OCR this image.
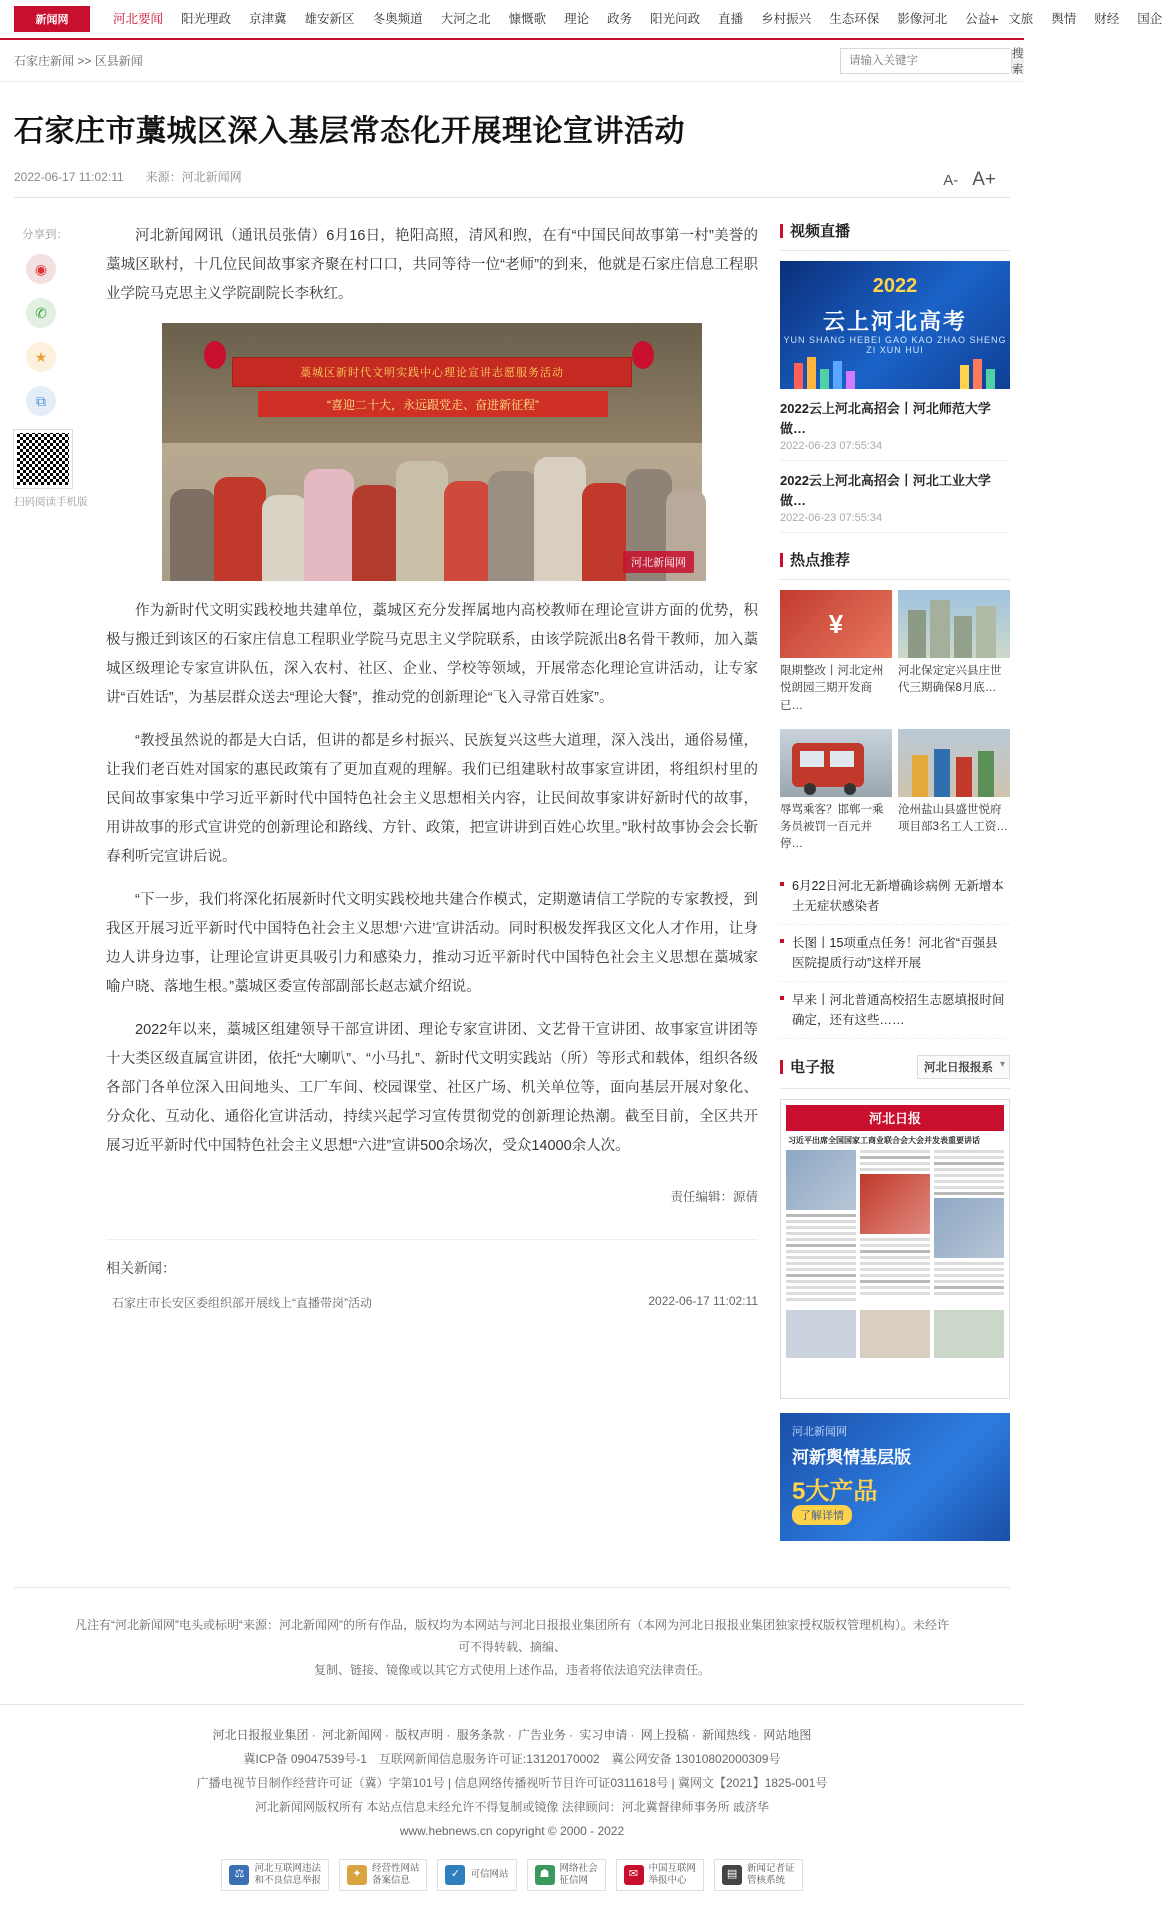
新闻网	河北要闻	阳光理政	京津冀	雄安新区	冬奥频道	大河之北	慷慨歌	理论	政务	阳光问政	直播	乡村振兴	生态环保	影像河北	公益	文旅	舆情	财经	国企
+
石家庄新闻 >> 区县新闻
请输入关键字	搜索
石家庄市藁城区深入基层常态化开展理论宣讲活动
2022-06-17 11:02:11 来源：河北新闻网	A- A+
分享到：
◉
✆
★
⧉
扫码阅读手机版

河北新闻网讯（通讯员张倩）6月16日，艳阳高照，清风和煦，在有“中国民间故事第一村”美誉的藁城区耿村，十几位民间故事家齐聚在村口口，共同等待一位“老师”的到来，他就是石家庄信息工程职业学院马克思主义学院副院长李秋红。

藁城区新时代文明实践中心理论宣讲志愿服务活动
“喜迎二十大，永远跟党走、奋进新征程”
河北新闻网

作为新时代文明实践校地共建单位，藁城区充分发挥属地内高校教师在理论宣讲方面的优势，积极与搬迁到该区的石家庄信息工程职业学院马克思主义学院联系，由该学院派出8名骨干教师，加入藁城区级理论专家宣讲队伍，深入农村、社区、企业、学校等领域，开展常态化理论宣讲活动，让专家讲“百姓话”，为基层群众送去“理论大餐”，推动党的创新理论“飞入寻常百姓家”。

“教授虽然说的都是大白话，但讲的都是乡村振兴、民族复兴这些大道理，深入浅出，通俗易懂，让我们老百姓对国家的惠民政策有了更加直观的理解。我们已组建耿村故事家宣讲团，将组织村里的民间故事家集中学习近平新时代中国特色社会主义思想相关内容，让民间故事家讲好新时代的故事，用讲故事的形式宣讲党的创新理论和路线、方针、政策，把宣讲讲到百姓心坎里。”耿村故事协会会长靳春利听完宣讲后说。

“下一步，我们将深化拓展新时代文明实践校地共建合作模式，定期邀请信工学院的专家教授，到我区开展习近平新时代中国特色社会主义思想‘六进’宣讲活动。同时积极发挥我区文化人才作用，让身边人讲身边事，让理论宣讲更具吸引力和感染力，推动习近平新时代中国特色社会主义思想在藁城家喻户晓、落地生根。”藁城区委宣传部副部长赵志斌介绍说。

2022年以来，藁城区组建领导干部宣讲团、理论专家宣讲团、文艺骨干宣讲团、故事家宣讲团等十大类区级直属宣讲团，依托“大喇叭”、“小马扎”、新时代文明实践站（所）等形式和载体，组织各级各部门各单位深入田间地头、工厂车间、校园课堂、社区广场、机关单位等，面向基层开展对象化、分众化、互动化、通俗化宣讲活动，持续兴起学习宣传贯彻党的创新理论热潮。截至目前，全区共开展习近平新时代中国特色社会主义思想“六进”宣讲500余场次，受众14000余人次。

责任编辑：源倩
相关新闻：
石家庄市长安区委组织部开展线上“直播带岗”活动	2022-06-17 11:02:11
视频直播
2022
云上河北高考
YUN SHANG HEBEI GAO KAO ZHAO SHENG ZI XUN HUI
2022云上河北高招会丨河北师范大学做…
2022-06-23 07:55:34
2022云上河北高招会丨河北工业大学做…
2022-06-23 07:55:34
热点推荐
¥
限期整改丨河北定州悦朗园三期开发商已…
河北保定定兴县庄世代三期确保8月底…
辱骂乘客？邯郸一乘务员被罚一百元并停…
沧州盐山县盛世悦府项目部3名工人工资…
6月22日河北无新增确诊病例 无新增本土无症状感染者
长图丨15项重点任务！河北省“百强县医院提质行动”这样开展
早来丨河北普通高校招生志愿填报时间确定，还有这些……
电子报	河北日报报系 ▾
河北日报
习近平出席全国国家工商业联合会大会并发表重要讲话
河北新闻网
河新舆情基层版
5大产品
了解详情
凡注有“河北新闻网”电头或标明“来源：河北新闻网”的所有作品，版权均为本网站与河北日报报业集团所有（本网为河北日报报业集团独家授权版权管理机构）。未经许可不得转载、摘编、
复制、链接、镜像或以其它方式使用上述作品，违者将依法追究法律责任。
河北日报报业集团 · 河北新闻网 · 版权声明 · 服务条款 · 广告业务 · 实习申请 · 网上投稿 · 新闻热线 · 网站地图
冀ICP备 09047539号-1　互联网新闻信息服务许可证:13120170002　冀公网安备 13010802000309号
广播电视节目制作经营许可证（冀）字第101号 | 信息网络传播视听节目许可证0311618号 | 冀网文【2021】1825-001号
河北新闻网版权所有 本站点信息未经允许不得复制或镜像 法律顾问：河北冀督律师事务所 戚济华
www.hebnews.cn copyright © 2000 - 2022
⚖	河北互联网违法
和不良信息举报
✦	经营性网站
备案信息
✓	可信网站	☗	网络社会
征信网
✉	中国互联网
举报中心
▤	新闻记者证
管核系统
